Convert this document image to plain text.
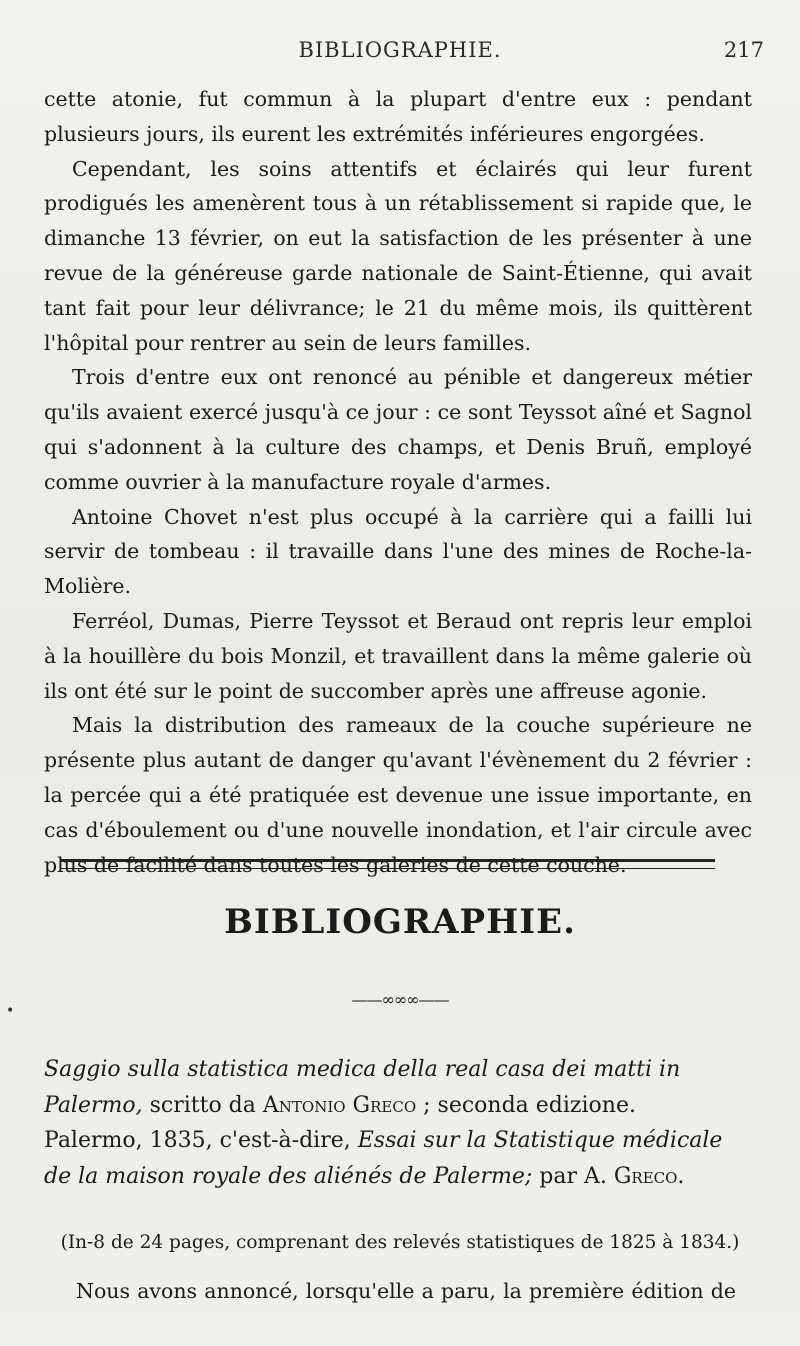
BIBLIOGRAPHIE.	217

cette atonie, fut commun à la plupart d'entre eux : pendant plusieurs jours, ils eurent les extrémités inférieures engorgées.

Cependant, les soins attentifs et éclairés qui leur furent prodigués les amenèrent tous à un rétablissement si rapide que, le dimanche 13 février, on eut la satisfaction de les présenter à une revue de la généreuse garde nationale de Saint-Étienne, qui avait tant fait pour leur délivrance; le 21 du même mois, ils quittèrent l'hôpital pour rentrer au sein de leurs familles.

Trois d'entre eux ont renoncé au pénible et dangereux métier qu'ils avaient exercé jusqu'à ce jour : ce sont Teyssot aîné et Sagnol qui s'adonnent à la culture des champs, et Denis Bruñ, employé comme ouvrier à la manufacture royale d'armes.

Antoine Chovet n'est plus occupé à la carrière qui a failli lui servir de tombeau : il travaille dans l'une des mines de Roche-la-Molière.

Ferréol, Dumas, Pierre Teyssot et Beraud ont repris leur emploi à la houillère du bois Monzil, et travaillent dans la même galerie où ils ont été sur le point de succomber après une affreuse agonie.

Mais la distribution des rameaux de la couche supérieure ne présente plus autant de danger qu'avant l'évènement du 2 février : la percée qui a été pratiquée est devenue une issue importante, en cas d'éboulement ou d'une nouvelle inondation, et l'air circule avec plus de facilité dans toutes les galeries de cette couche.

BIBLIOGRAPHIE.
——∞∞∞——
•

Saggio sulla statistica medica della real casa dei matti in Palermo, scritto da Antonio Greco ; seconda edizione. Palermo, 1835, c'est-à-dire, Essai sur la Statistique médicale de la maison royale des aliénés de Palerme; par A. Greco.

(In-8 de 24 pages, comprenant des relevés statistiques de 1825 à 1834.)
Nous avons annoncé, lorsqu'elle a paru, la première édition de
